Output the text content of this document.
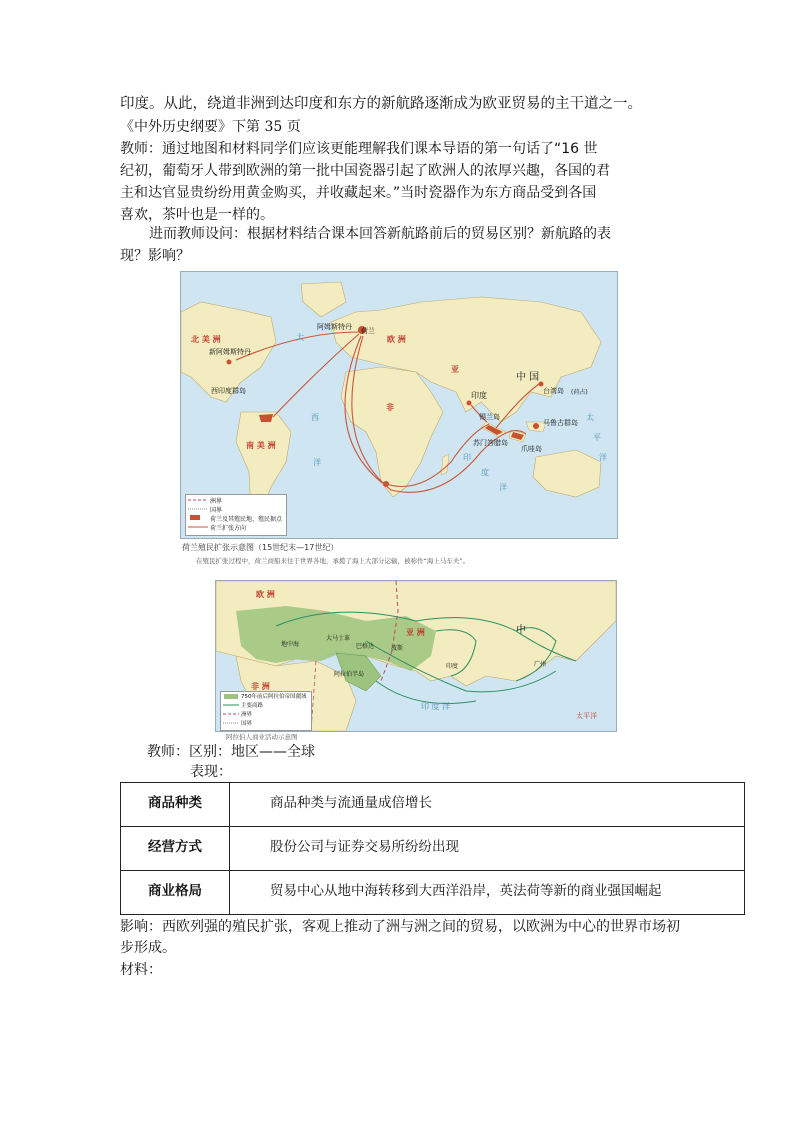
印度。从此，绕道非洲到达印度和东方的新航路逐渐成为欧亚贸易的主干道之一。
《中外历史纲要》下第 35 页
教师：通过地图和材料同学们应该更能理解我们课本导语的第一句话了“16 世
纪初，葡萄牙人带到欧洲的第一批中国瓷器引起了欧洲人的浓厚兴趣，各国的君
主和达官显贵纷纷用黄金购买，并收藏起来。”当时瓷器作为东方商品受到各国
喜欢，茶叶也是一样的。
进而教师设问：根据材料结合课本回答新航路前后的贸易区别？新航路的表
现？影响？
北 美 洲
南 美 洲
欧 洲
亚
非
中 国
印度
阿姆斯特丹 荷兰
新阿姆斯特丹
西印度群岛
锡兰岛
苏门答腊岛
台湾岛 (荷占)
马鲁古群岛
爪哇岛
大
西
洋
印
度
洋
太
平
洋
洲界
国界
荷兰及其殖民地、殖民据点
荷兰扩张方向
荷兰殖民扩张示意图（15世纪末—17世纪）
在殖民扩张过程中，荷兰商船来往于世界各地，承揽了海上大部分运输，被称作“海上马车夫”。
欧 洲
亚 洲
非 洲
中
阿拉伯半岛
波斯
印度
地中海
印 度 洋
太平洋
广州
巴格达
大马士革
750年前后阿拉伯帝国疆域
主要商路
洲界
国界
阿拉伯人商业活动示意图
教师：区别：地区——全球
表现：
商品种类	商品种类与流通量成倍增长
经营方式	股份公司与证券交易所纷纷出现
商业格局	贸易中心从地中海转移到大西洋沿岸，英法荷等新的商业强国崛起
影响：西欧列强的殖民扩张，客观上推动了洲与洲之间的贸易，以欧洲为中心的世界市场初
步形成。
材料：
